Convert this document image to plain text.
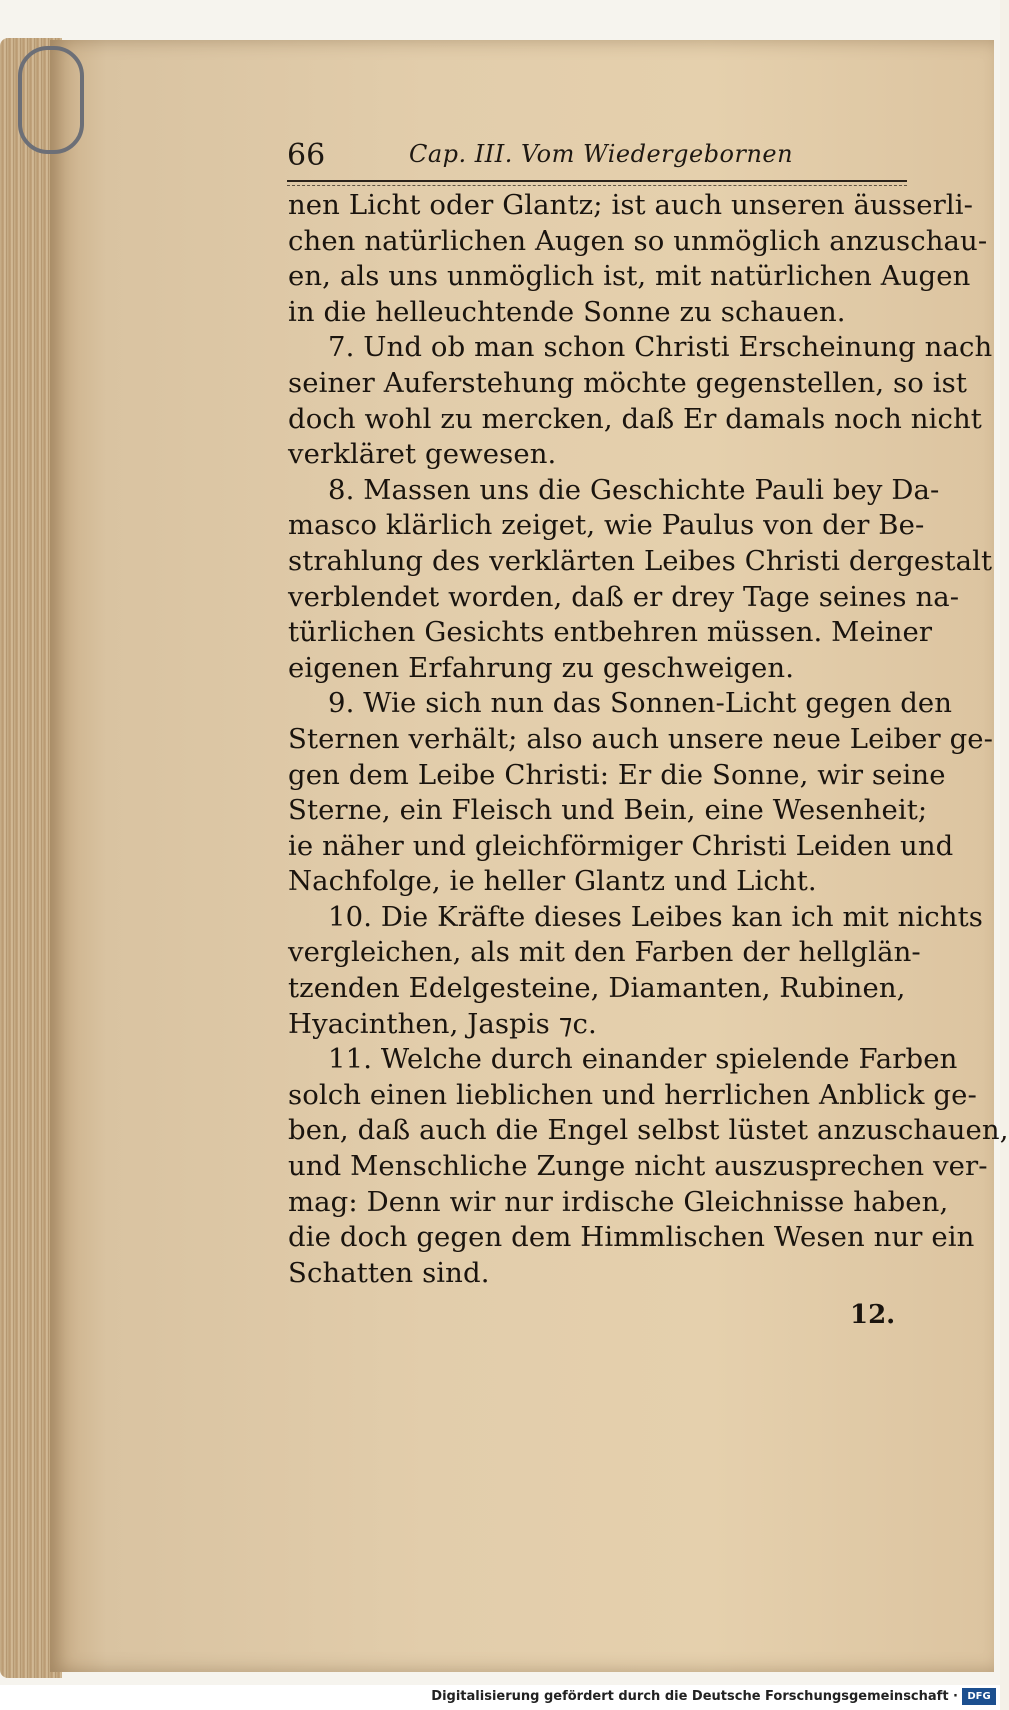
66	Cap. III. Vom Wiedergebornen
nen Licht oder Glantz; ist auch unseren äusserli-
chen natürlichen Augen so unmöglich anzuschau-
en, als uns unmöglich ist, mit natürlichen Augen
in die helleuchtende Sonne zu schauen.
7. Und ob man schon Christi Erscheinung nach
seiner Auferstehung möchte gegenstellen, so ist
doch wohl zu mercken, daß Er damals noch nicht
verkläret gewesen.
8. Massen uns die Geschichte Pauli bey Da-
masco klärlich zeiget, wie Paulus von der Be-
strahlung des verklärten Leibes Christi dergestalt
verblendet worden, daß er drey Tage seines na-
türlichen Gesichts entbehren müssen. Meiner
eigenen Erfahrung zu geschweigen.
9. Wie sich nun das Sonnen-Licht gegen den
Sternen verhält; also auch unsere neue Leiber ge-
gen dem Leibe Christi: Er die Sonne, wir seine
Sterne, ein Fleisch und Bein, eine Wesenheit;
ie näher und gleichförmiger Christi Leiden und
Nachfolge, ie heller Glantz und Licht.
10. Die Kräfte dieses Leibes kan ich mit nichts
vergleichen, als mit den Farben der hellglän-
tzenden Edelgesteine, Diamanten, Rubinen,
Hyacinthen, Jaspis ⁊c.
11. Welche durch einander spielende Farben
solch einen lieblichen und herrlichen Anblick ge-
ben, daß auch die Engel selbst lüstet anzuschauen,
und Menschliche Zunge nicht auszusprechen ver-
mag: Denn wir nur irdische Gleichnisse haben,
die doch gegen dem Himmlischen Wesen nur ein
Schatten sind.
12.
Digitalisierung gefördert durch die Deutsche Forschungsgemeinschaft · DFG
